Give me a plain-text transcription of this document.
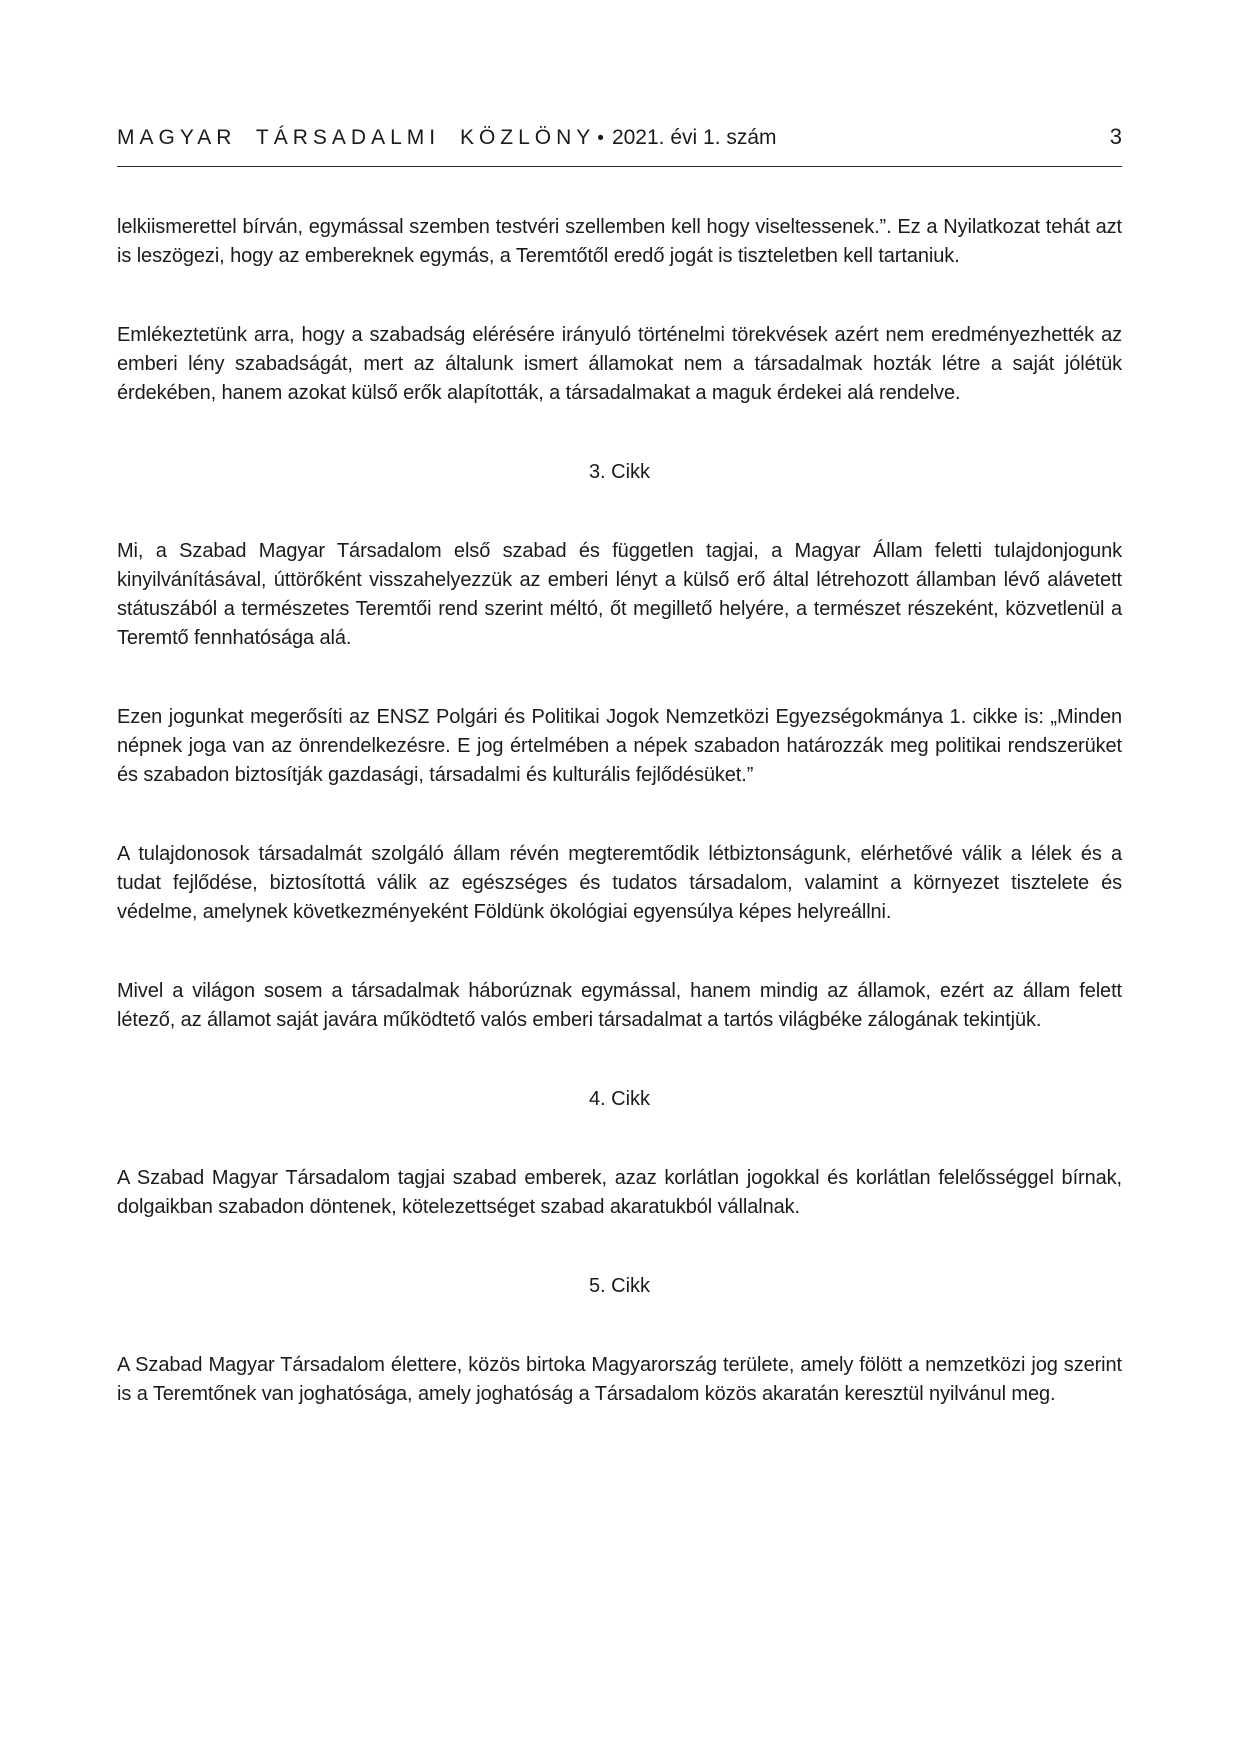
MAGYAR TÁRSADALMI KÖZLÖNY • 2021. évi 1. szám	3

lelkiismerettel bírván, egymással szemben testvéri szellemben kell hogy viseltessenek.”. Ez a Nyilatkozat tehát azt is leszögezi, hogy az embereknek egymás, a Teremtőtől eredő jogát is tiszteletben kell tartaniuk.

Emlékeztetünk arra, hogy a szabadság elérésére irányuló történelmi törekvések azért nem eredményezhették az emberi lény szabadságát, mert az általunk ismert államokat nem a társadalmak hozták létre a saját jólétük érdekében, hanem azokat külső erők alapították, a társadalmakat a maguk érdekei alá rendelve.

3. Cikk

Mi, a Szabad Magyar Társadalom első szabad és független tagjai, a Magyar Állam feletti tulajdonjogunk kinyilvánításával, úttörőként visszahelyezzük az emberi lényt a külső erő által létrehozott államban lévő alávetett státuszából a természetes Teremtői rend szerint méltó, őt megillető helyére, a természet részeként, közvetlenül a Teremtő fennhatósága alá.

Ezen jogunkat megerősíti az ENSZ Polgári és Politikai Jogok Nemzetközi Egyezségokmánya 1. cikke is: „Minden népnek joga van az önrendelkezésre. E jog értelmében a népek szabadon határozzák meg politikai rendszerüket és szabadon biztosítják gazdasági, társadalmi és kulturális fejlődésüket.”

A tulajdonosok társadalmát szolgáló állam révén megteremtődik létbiztonságunk, elérhetővé válik a lélek és a tudat fejlődése, biztosítottá válik az egészséges és tudatos társadalom, valamint a környezet tisztelete és védelme, amelynek következményeként Földünk ökológiai egyensúlya képes helyreállni.

Mivel a világon sosem a társadalmak háborúznak egymással, hanem mindig az államok, ezért az állam felett létező, az államot saját javára működtető valós emberi társadalmat a tartós világbéke zálogának tekintjük.

4. Cikk

A Szabad Magyar Társadalom tagjai szabad emberek, azaz korlátlan jogokkal és korlátlan felelősséggel bírnak, dolgaikban szabadon döntenek, kötelezettséget szabad akaratukból vállalnak.

5. Cikk

A Szabad Magyar Társadalom élettere, közös birtoka Magyarország területe, amely fölött a nemzetközi jog szerint is a Teremtőnek van joghatósága, amely joghatóság a Társadalom közös akaratán keresztül nyilvánul meg.
